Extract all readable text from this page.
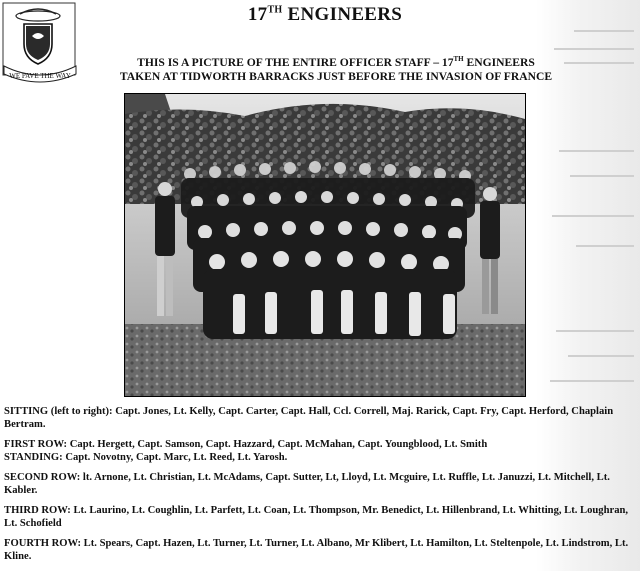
WE PAVE THE WAY
17TH ENGINEERS
THIS IS A PICTURE OF THE ENTIRE OFFICER STAFF – 17TH ENGINEERS
TAKEN AT TIDWORTH BARRACKS JUST BEFORE THE INVASION OF FRANCE

SITTING (left to right): Capt. Jones, Lt. Kelly, Capt. Carter, Capt. Hall, Ccl. Correll, Maj. Rarick, Capt. Fry, Capt. Herford, Chaplain Bertram.

FIRST ROW: Capt. Hergett, Capt. Samson, Capt. Hazzard, Capt. McMahan, Capt. Youngblood, Lt. Smith

STANDING: Capt. Novotny, Capt. Marc, Lt. Reed, Lt. Yarosh.

SECOND ROW: lt. Arnone, Lt. Christian, Lt. McAdams, Capt. Sutter, Lt, Lloyd, Lt. Mcguire, Lt. Ruffle, Lt. Januzzi, Lt. Mitchell, Lt. Kabler.

THIRD ROW: Lt. Laurino, Lt. Coughlin, Lt. Parfett, Lt. Coan, Lt. Thompson, Mr. Benedict, Lt. Hillenbrand, Lt. Whitting, Lt. Loughran, Lt. Schofield

FOURTH ROW: Lt. Spears, Capt. Hazen, Lt. Turner, Lt. Turner, Lt. Albano, Mr Klibert, Lt. Hamilton, Lt. Steltenpole, Lt. Lindstrom, Lt. Kline.
